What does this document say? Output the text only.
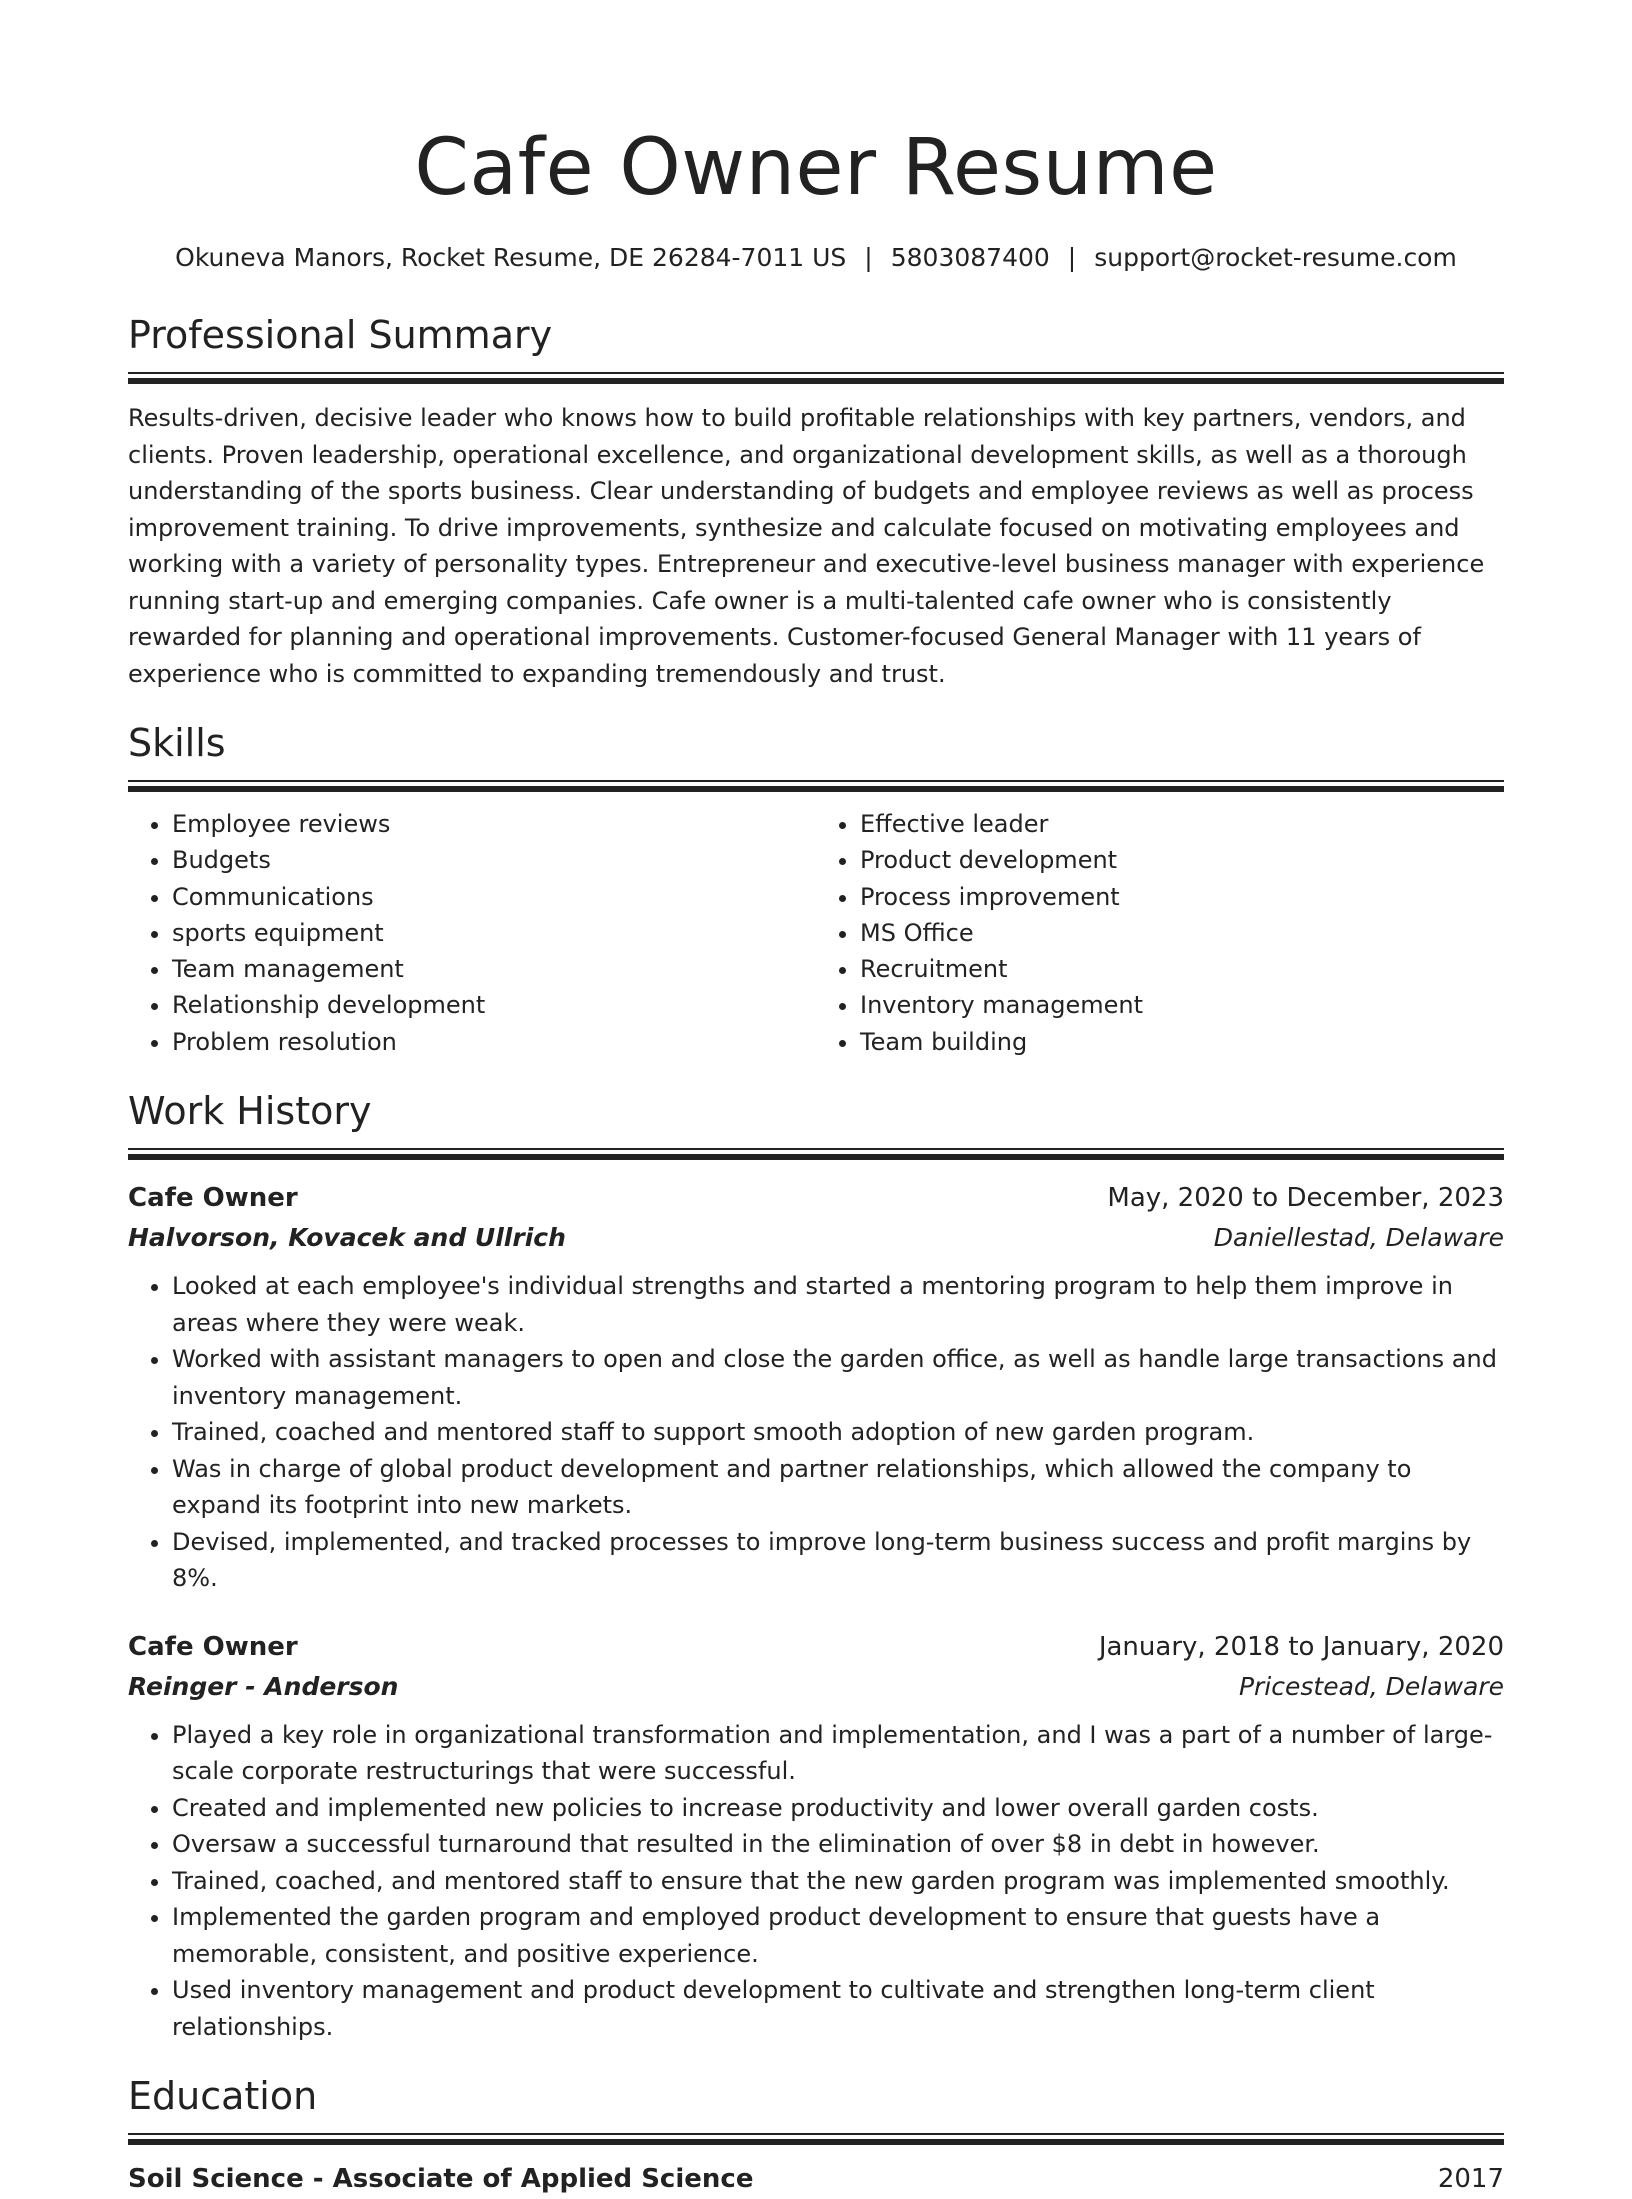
Cafe Owner Resume
Okuneva Manors, Rocket Resume, DE 26284-7011 US | 5803087400 | support@rocket-resume.com
Professional Summary

Results-driven, decisive leader who knows how to build profitable relationships with key partners, vendors, and clients. Proven leadership, operational excellence, and organizational development skills, as well as a thorough understanding of the sports business. Clear understanding of budgets and employee reviews as well as process improvement training. To drive improvements, synthesize and calculate focused on motivating employees and working with a variety of personality types. Entrepreneur and executive-level business manager with experience running start-up and emerging companies. Cafe owner is a multi-talented cafe owner who is consistently rewarded for planning and operational improvements. Customer-focused General Manager with 11 years of experience who is committed to expanding tremendously and trust.

Skills
• Employee reviews
• Budgets
• Communications
• sports equipment
• Team management
• Relationship development
• Problem resolution
• Effective leader
• Product development
• Process improvement
• MS Office
• Recruitment
• Inventory management
• Team building
Work History
Cafe Owner	May, 2020 to December, 2023
Halvorson, Kovacek and Ullrich	Daniellestad, Delaware
• Looked at each employee's individual strengths and started a mentoring program to help them improve in areas where they were weak.
• Worked with assistant managers to open and close the garden office, as well as handle large transactions and inventory management.
• Trained, coached and mentored staff to support smooth adoption of new garden program.
• Was in charge of global product development and partner relationships, which allowed the company to expand its footprint into new markets.
• Devised, implemented, and tracked processes to improve long-term business success and profit margins by 8%.
Cafe Owner	January, 2018 to January, 2020
Reinger - Anderson	Pricestead, Delaware
• Played a key role in organizational transformation and implementation, and I was a part of a number of large-scale corporate restructurings that were successful.
• Created and implemented new policies to increase productivity and lower overall garden costs.
• Oversaw a successful turnaround that resulted in the elimination of over $8 in debt in however.
• Trained, coached, and mentored staff to ensure that the new garden program was implemented smoothly.
• Implemented the garden program and employed product development to ensure that guests have a memorable, consistent, and positive experience.
• Used inventory management and product development to cultivate and strengthen long-term client relationships.
Education
Soil Science - Associate of Applied Science	2017
